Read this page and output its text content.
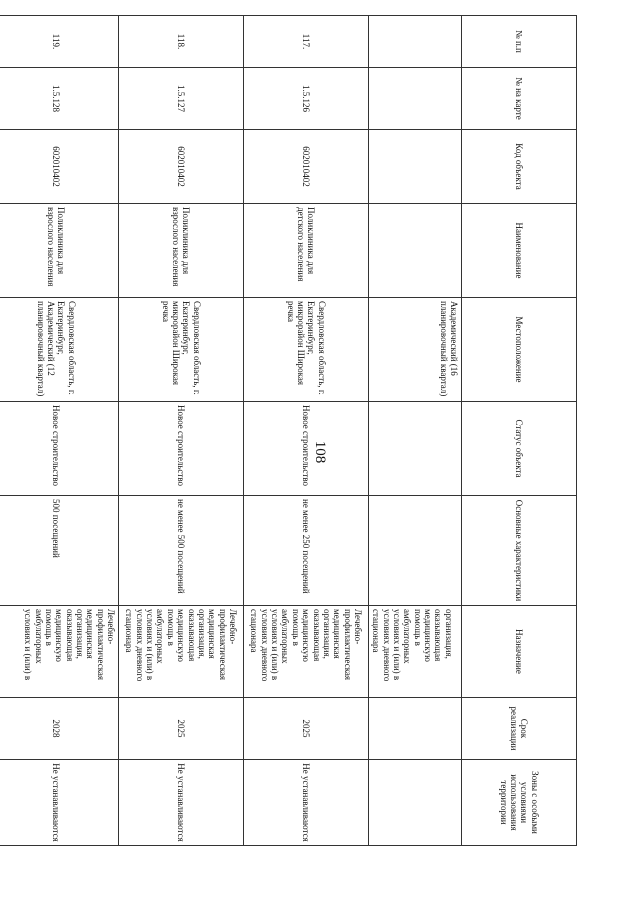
108
№ п.п	№ на карте	Код объекта	Наименование	Местоположение	Статус объекта	Основные характеристики	Назначение	Срок реализации	Зоны с особыми условиями использования территории
				Академический (16 планировочный квартал)			организация, оказывающая медицинскую помощь в амбулаторных условиях и (или) в условиях дневного стационара		
117.	1.5.126	602010402	Поликлиника для детского населения	Свердловская область, г. Екатеринбург, микрорайон Широкая речка	Новое строительство	не менее 250 посещений	Лечебно-профилактическая медицинская организация, оказывающая медицинскую помощь в амбулаторных условиях и (или) в условиях дневного стационара	2025	Не устанавливаются
118.	1.5.127	602010402	Поликлиника для взрослого населения	Свердловская область, г. Екатеринбург, микрорайон Широкая речка	Новое строительство	не менее 500 посещений	Лечебно-профилактическая медицинская организация, оказывающая медицинскую помощь в амбулаторных условиях и (или) в условиях дневного стационара	2025	Не устанавливаются
119.	1.5.128	602010402	Поликлиника для взрослого населения	Свердловская область, г. Екатеринбург, Академический (12 планировочный квартал)	Новое строительство	500 посещений	Лечебно-профилактическая медицинская организация, оказывающая медицинскую помощь в амбулаторных условиях и (или) в	2028	Не устанавливаются
